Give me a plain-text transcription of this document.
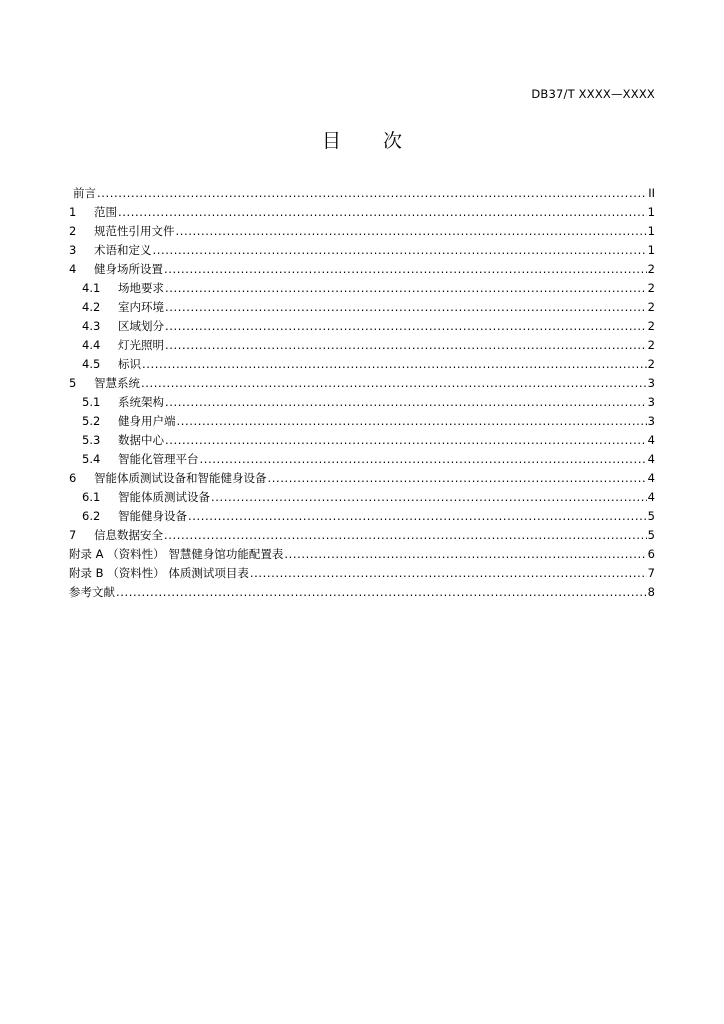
DB37/T XXXX—XXXX
目 次
前言 .....	II
1	范围 .....	1
2	规范性引用文件 .....	1
3	术语和定义 .....	1
4	健身场所设置 .....	2
4.1	场地要求 .....	2
4.2	室内环境 .....	2
4.3	区域划分 .....	2
4.4	灯光照明 .....	2
4.5	标识 .....	2
5	智慧系统 .....	3
5.1	系统架构 .....	3
5.2	健身用户端 .....	3
5.3	数据中心 .....	4
5.4	智能化管理平台 .....	4
6	智能体质测试设备和智能健身设备 .....	4
6.1	智能体质测试设备 .....	4
6.2	智能健身设备 .....	5
7	信息数据安全 .....	5
附录 A （资料性） 智慧健身馆功能配置表 .....	6
附录 B （资料性） 体质测试项目表 .....	7
参考文献 .....	8
